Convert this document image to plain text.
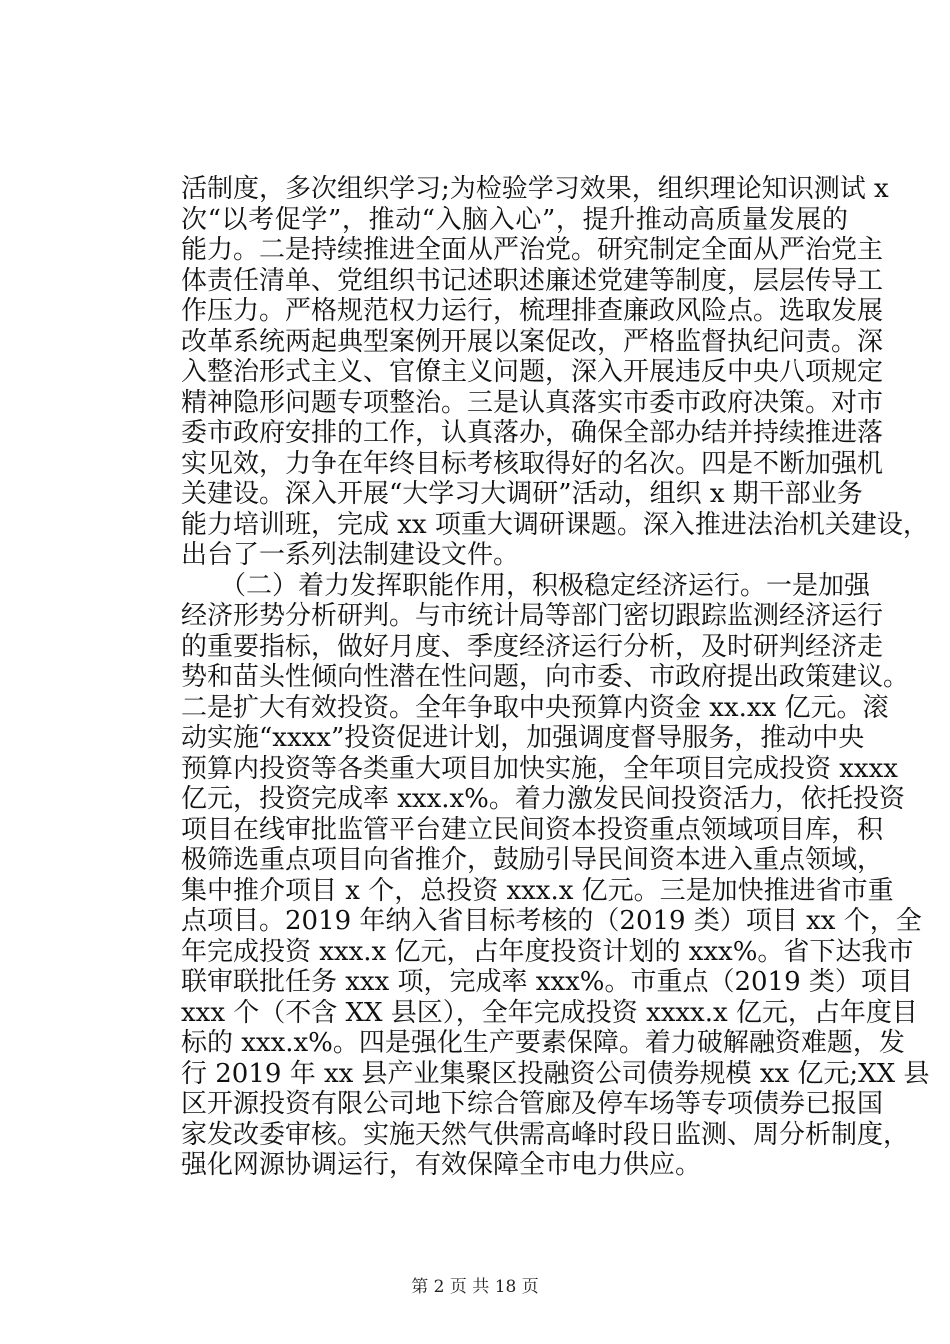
活制度，多次组织学习;为检验学习效果，组织理论知识测试 x
次“以考促学”，推动“入脑入心”，提升推动高质量发展的
能力。二是持续推进全面从严治党。研究制定全面从严治党主
体责任清单、党组织书记述职述廉述党建等制度，层层传导工
作压力。严格规范权力运行，梳理排查廉政风险点。选取发展
改革系统两起典型案例开展以案促改，严格监督执纪问责。深
入整治形式主义、官僚主义问题，深入开展违反中央八项规定
精神隐形问题专项整治。三是认真落实市委市政府决策。对市
委市政府安排的工作，认真落办，确保全部办结并持续推进落
实见效，力争在年终目标考核取得好的名次。四是不断加强机
关建设。深入开展“大学习大调研”活动，组织 x 期干部业务
能力培训班，完成 xx 项重大调研课题。深入推进法治机关建设，
出台了一系列法制建设文件。
　　（二）着力发挥职能作用，积极稳定经济运行。一是加强
经济形势分析研判。与市统计局等部门密切跟踪监测经济运行
的重要指标，做好月度、季度经济运行分析，及时研判经济走
势和苗头性倾向性潜在性问题，向市委、市政府提出政策建议。
二是扩大有效投资。全年争取中央预算内资金 xx.xx 亿元。滚
动实施“xxxx”投资促进计划，加强调度督导服务，推动中央
预算内投资等各类重大项目加快实施，全年项目完成投资 xxxx
亿元，投资完成率 xxx.x%。着力激发民间投资活力，依托投资
项目在线审批监管平台建立民间资本投资重点领域项目库，积
极筛选重点项目向省推介，鼓励引导民间资本进入重点领域，
集中推介项目 x 个，总投资 xxx.x 亿元。三是加快推进省市重
点项目。2019 年纳入省目标考核的（2019 类）项目 xx 个，全
年完成投资 xxx.x 亿元，占年度投资计划的 xxx%。省下达我市
联审联批任务 xxx 项，完成率 xxx%。市重点（2019 类）项目
xxx 个（不含 XX 县区），全年完成投资 xxxx.x 亿元，占年度目
标的 xxx.x%。四是强化生产要素保障。着力破解融资难题，发
行 2019 年 xx 县产业集聚区投融资公司债券规模 xx 亿元;XX 县
区开源投资有限公司地下综合管廊及停车场等专项债券已报国
家发改委审核。实施天然气供需高峰时段日监测、周分析制度，
强化网源协调运行，有效保障全市电力供应。
第 2 页 共 18 页
